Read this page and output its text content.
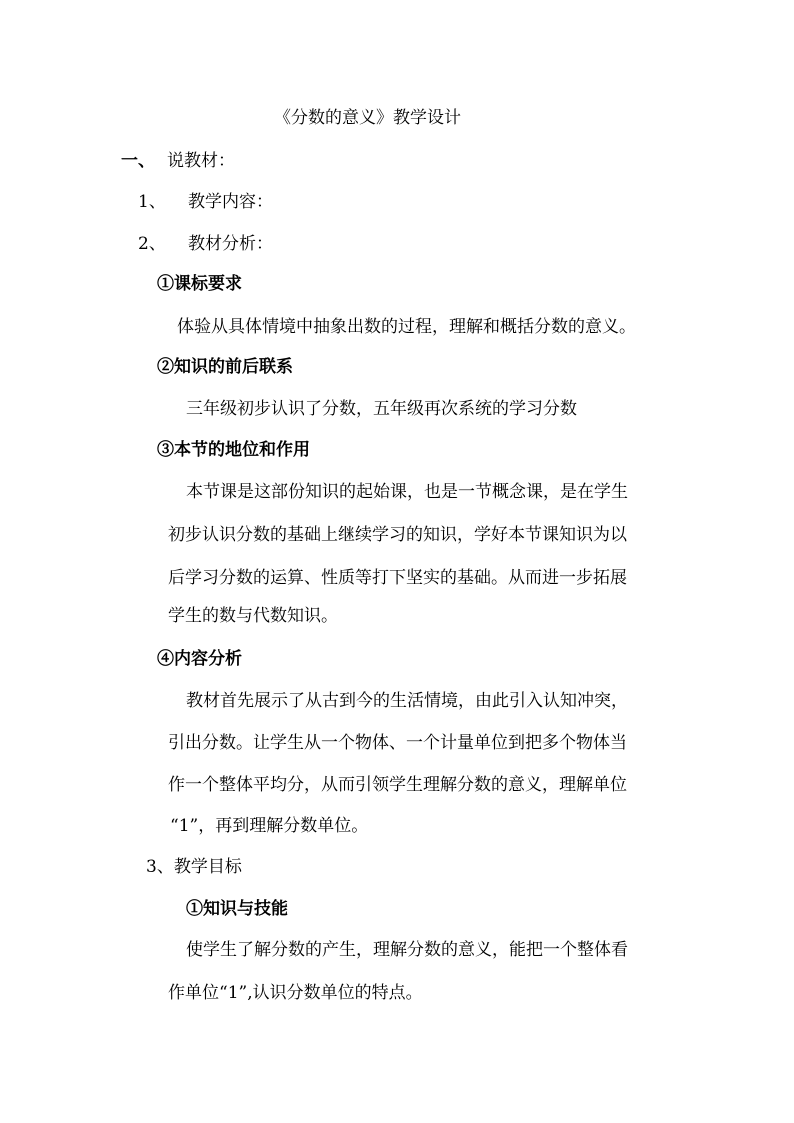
《分数的意义》教学设计
一、 说教材：
1、 教学内容：
2、 教材分析：
①课标要求
体验从具体情境中抽象出数的过程，理解和概括分数的意义。
②知识的前后联系
三年级初步认识了分数，五年级再次系统的学习分数
③本节的地位和作用
本节课是这部份知识的起始课，也是一节概念课，是在学生
初步认识分数的基础上继续学习的知识，学好本节课知识为以
后学习分数的运算、性质等打下坚实的基础。从而进一步拓展
学生的数与代数知识。
④内容分析
教材首先展示了从古到今的生活情境，由此引入认知冲突，
引出分数。让学生从一个物体、一个计量单位到把多个物体当
作一个整体平均分，从而引领学生理解分数的意义，理解单位
“1”，再到理解分数单位。
3、教学目标
①知识与技能
使学生了解分数的产生，理解分数的意义，能把一个整体看
作单位“1”,认识分数单位的特点。
